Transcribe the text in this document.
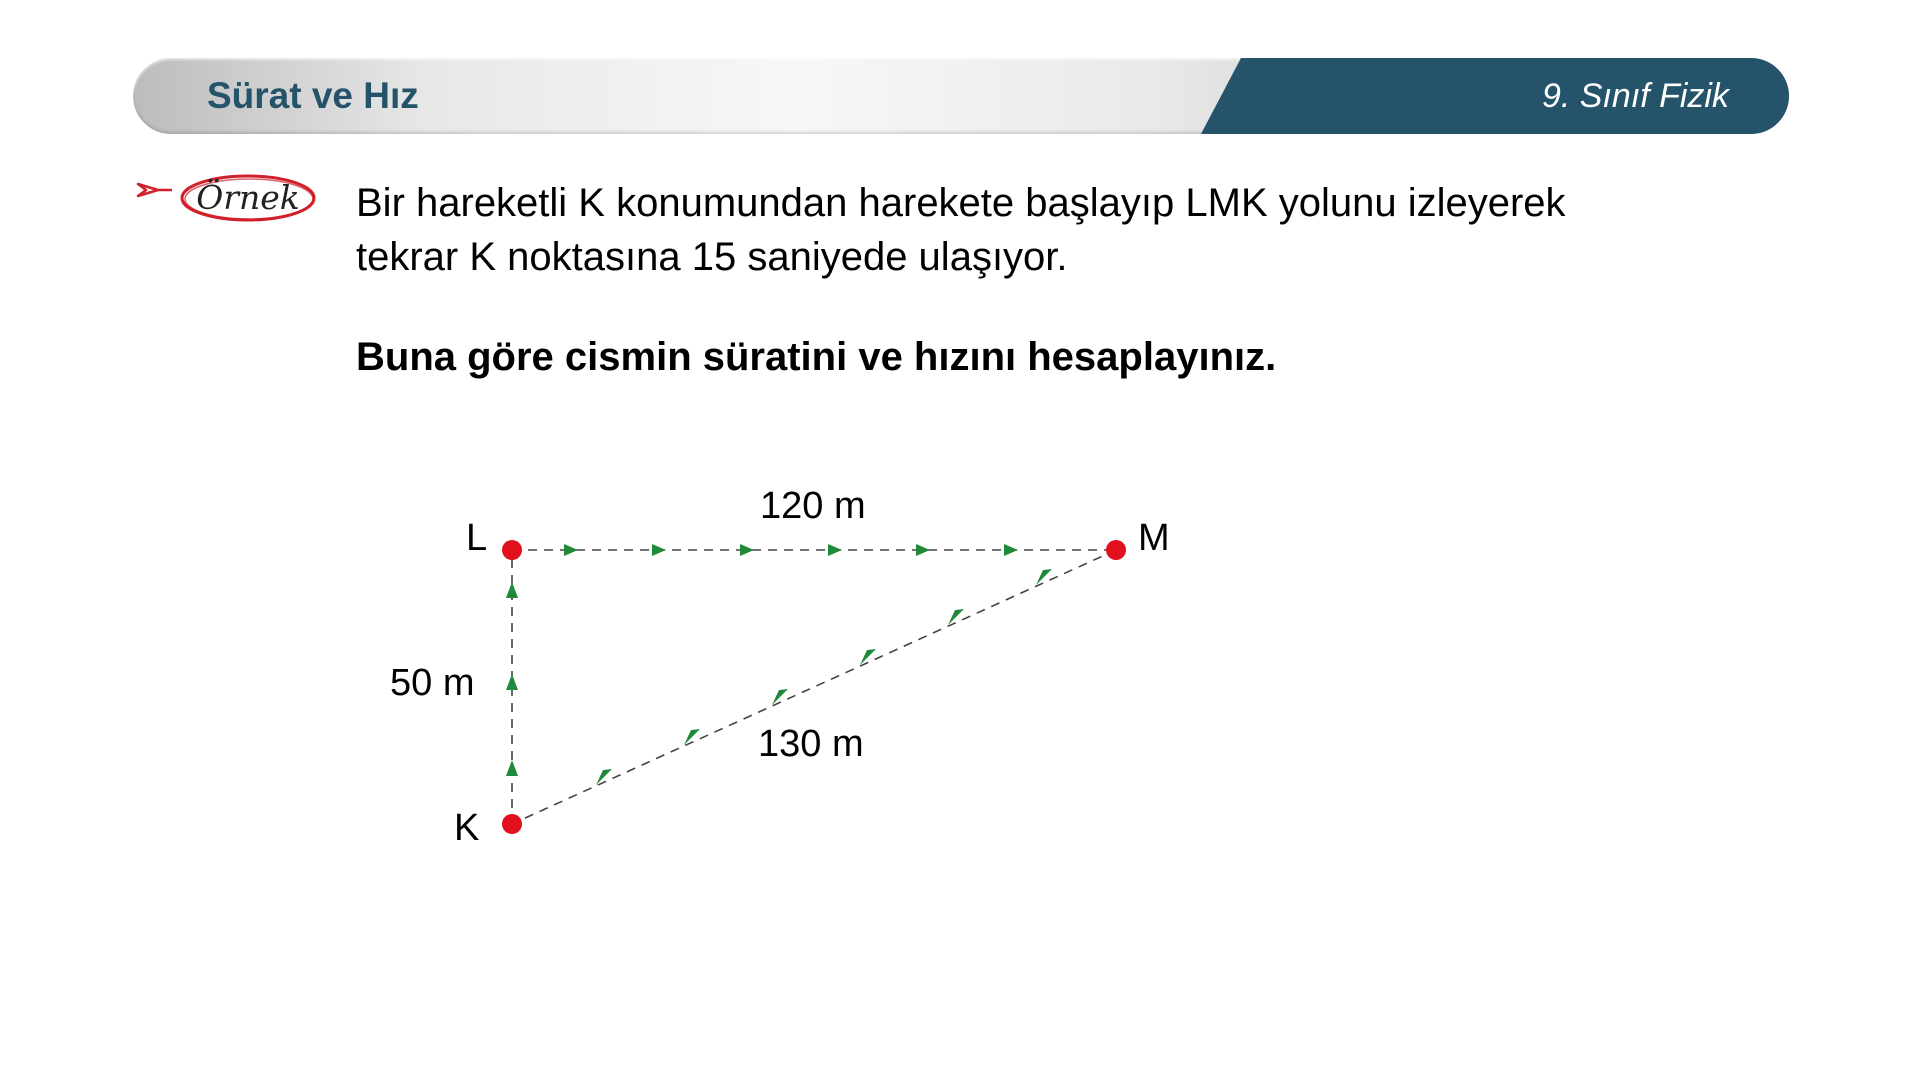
Sürat ve Hız	9. Sınıf Fizik
Örnek	Bir hareketli K konumundan harekete başlayıp LMK yolunu izleyerek
tekrar K noktasına 15 saniyede ulaşıyor.

Buna göre cismin süratini ve hızını hesaplayınız.

L	M
K
120 m
50 m
130 m
